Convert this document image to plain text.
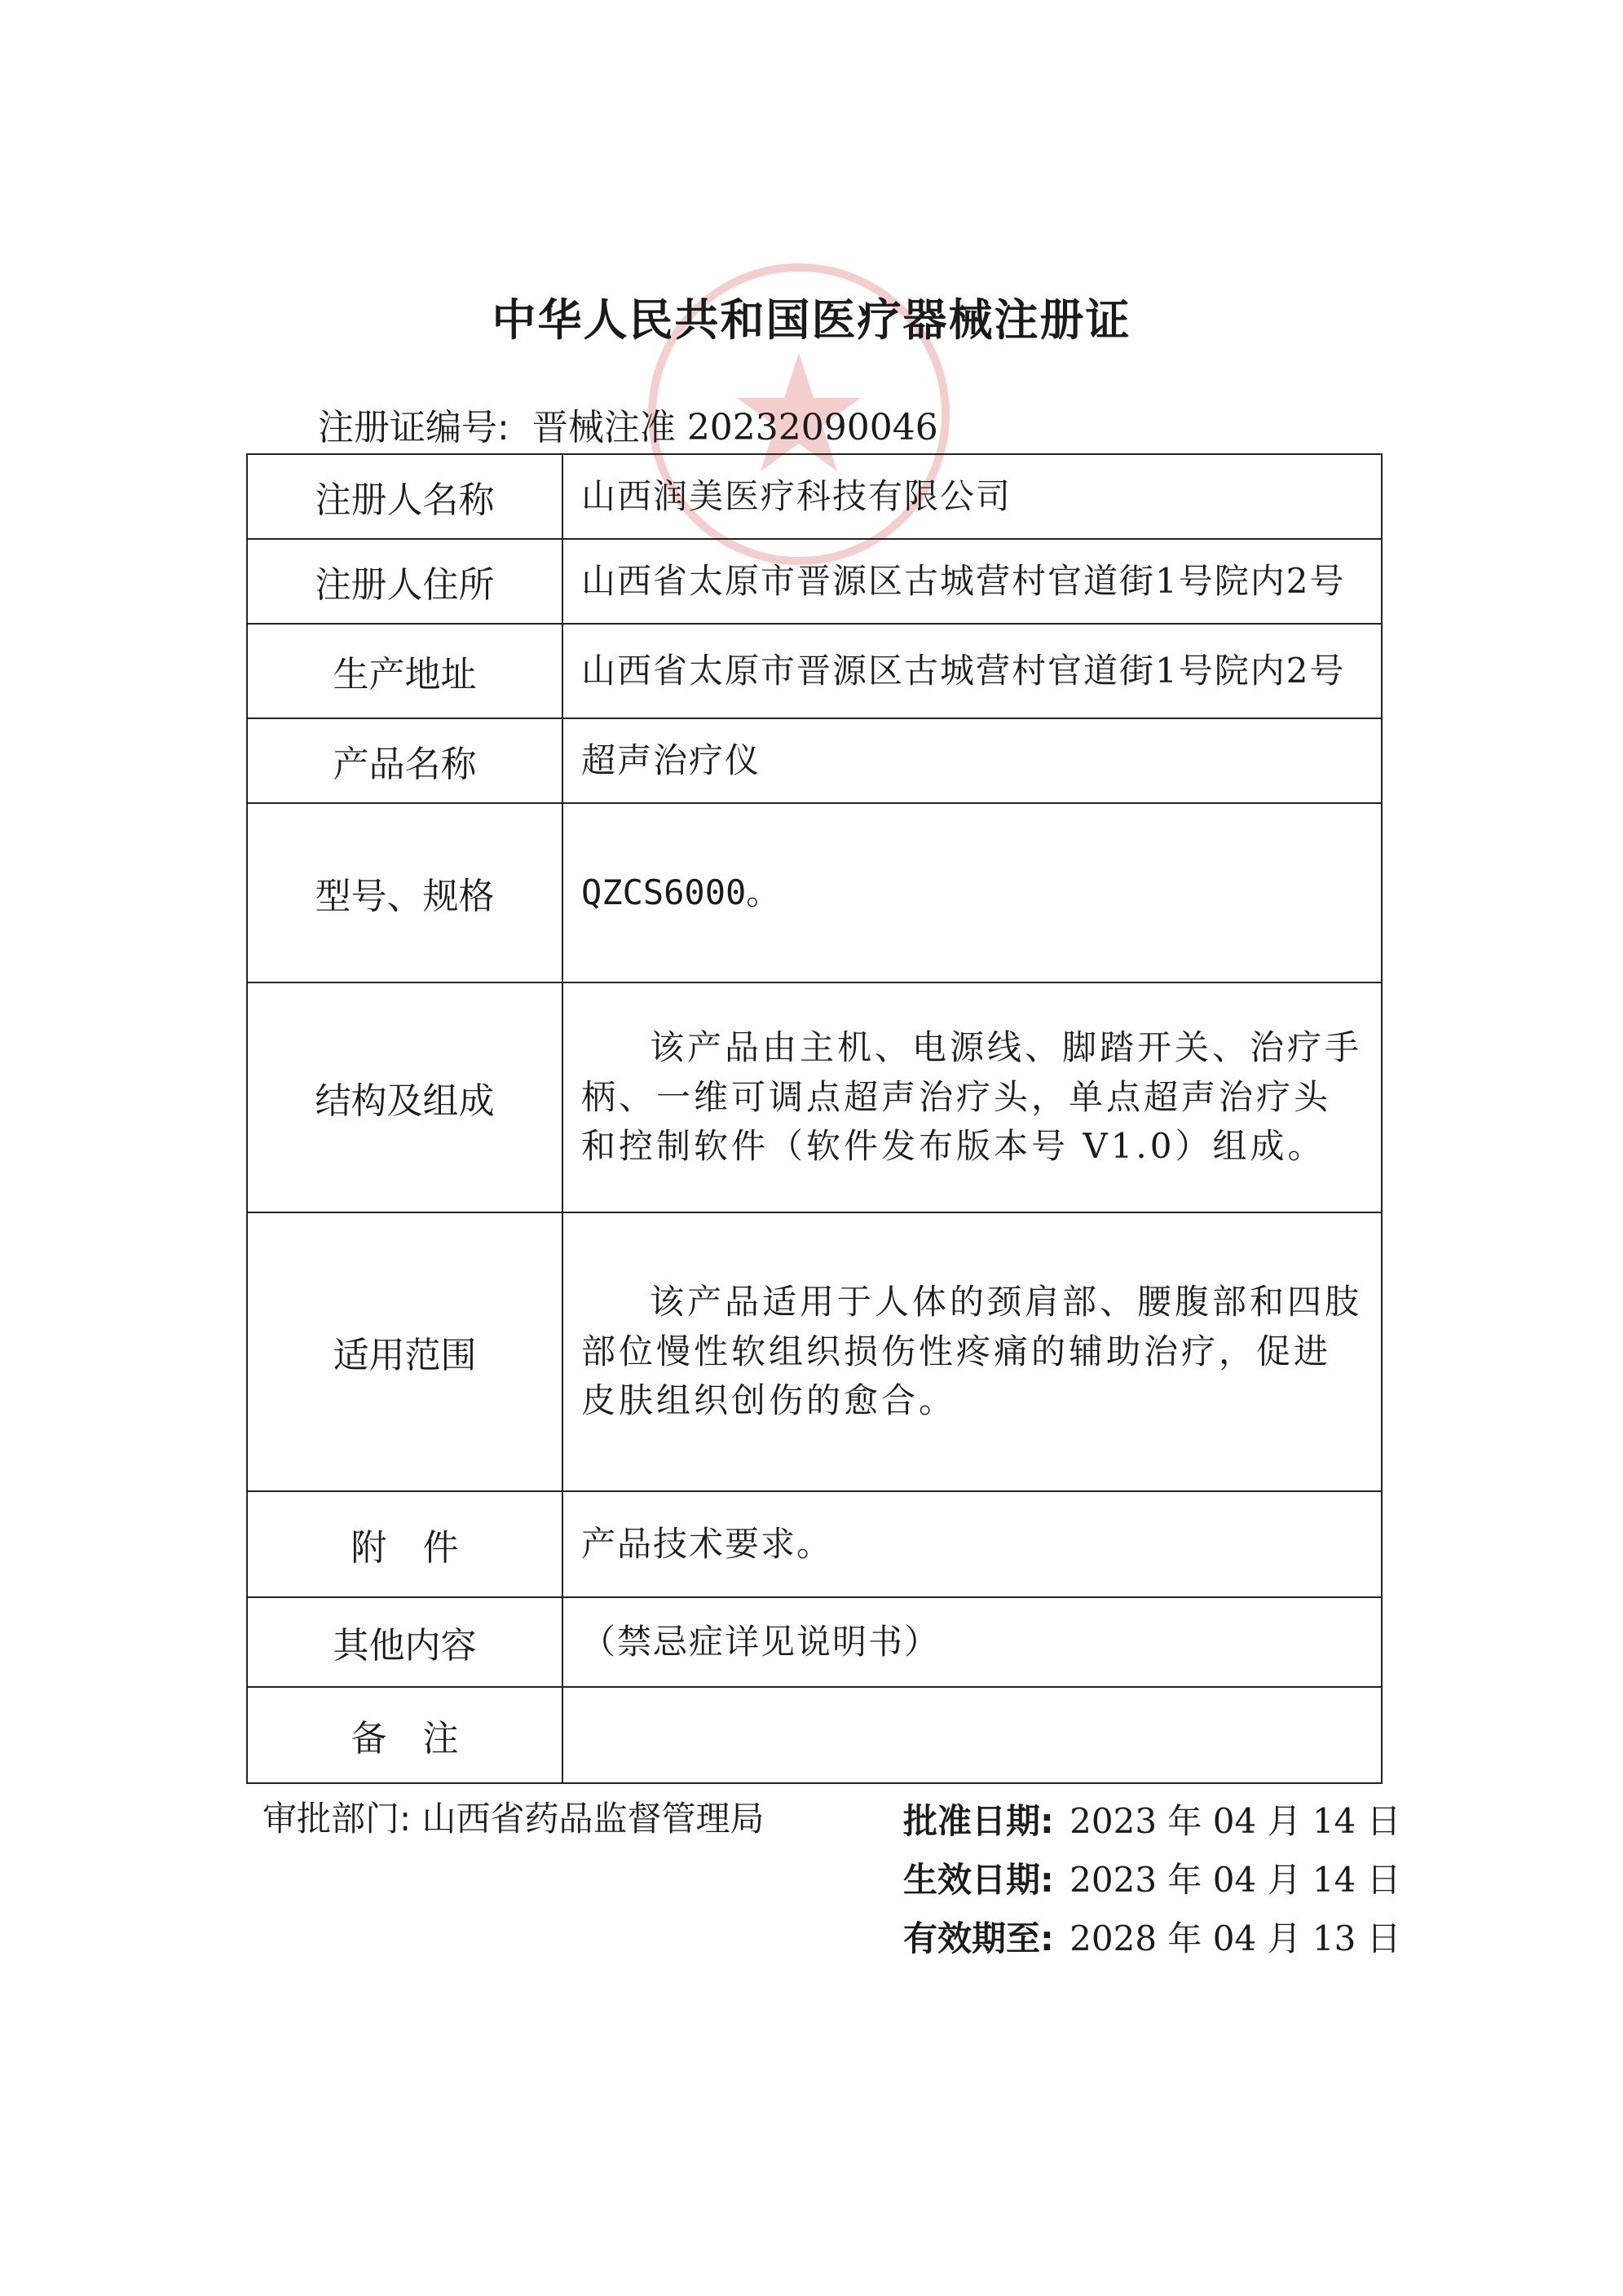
中华人民共和国医疗器械注册证
注册证编号: 晋械注准 20232090046
注册人名称	山西润美医疗科技有限公司
注册人住所	山西省太原市晋源区古城营村官道街1号院内2号
生产地址	山西省太原市晋源区古城营村官道街1号院内2号
产品名称	超声治疗仪
型号、规格	QZCS6000。
结构及组成	该产品由主机、电源线、脚踏开关、治疗手柄、一维可调点超声治疗头，单点超声治疗头和控制软件（软件发布版本号 V1.0）组成。
适用范围	该产品适用于人体的颈肩部、腰腹部和四肢部位慢性软组织损伤性疼痛的辅助治疗，促进皮肤组织创伤的愈合。
附　件	产品技术要求。
其他内容	（禁忌症详见说明书）
备　注	
审批部门: 山西省药品监督管理局	批准日期: 2023 年 04 月 14 日
生效日期: 2023 年 04 月 14 日
有效期至: 2028 年 04 月 13 日
